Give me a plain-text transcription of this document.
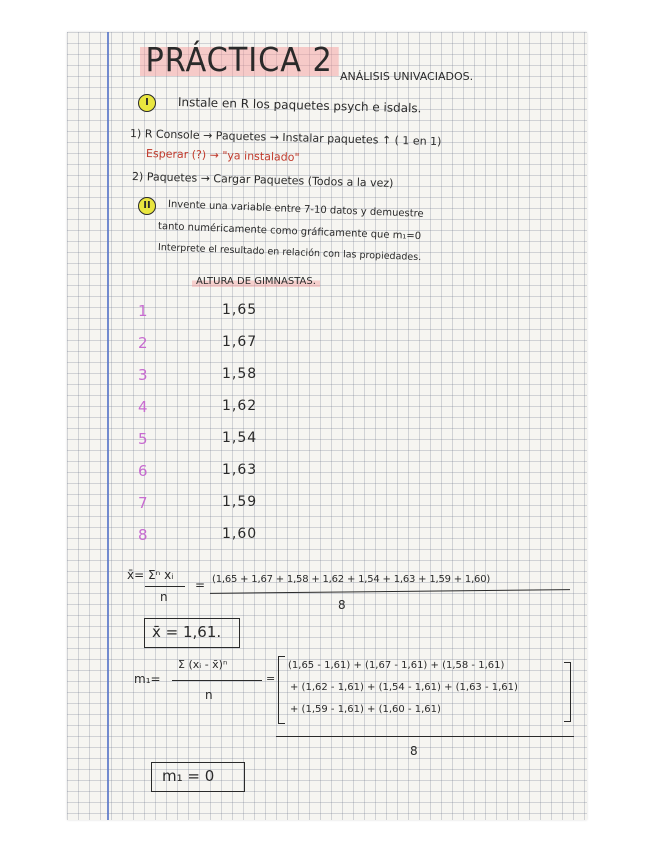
PRÁCTICA 2 ANÁLISIS UNIVACIADOS.
I	Instale en R los paquetes psych e isdals.
1) R Console → Paquetes → Instalar paquetes ↑ ( 1 en 1)
Esperar (?) → "ya instalado"
2) Paquetes → Cargar Paquetes (Todos a la vez)
II	Invente una variable entre 7-10 datos y demuestre
tanto numéricamente como gráficamente que m₁=0
Interprete el resultado en relación con las propiedades.
ALTURA DE GIMNASTAS.
1	1,65
2	1,67
3	1,58
4	1,62
5	1,54
6	1,63
7	1,59
8	1,60
x̄= Σⁿ xᵢ
n
= (1,65 + 1,67 + 1,58 + 1,62 + 1,54 + 1,63 + 1,59 + 1,60)
8
x̄ = 1,61.
m₁=
Σ (xᵢ - x̄)ⁿ
n
=
(1,65 - 1,61) + (1,67 - 1,61) + (1,58 - 1,61)
+ (1,62 - 1,61) + (1,54 - 1,61) + (1,63 - 1,61)
+ (1,59 - 1,61) + (1,60 - 1,61)
8
m₁ = 0
